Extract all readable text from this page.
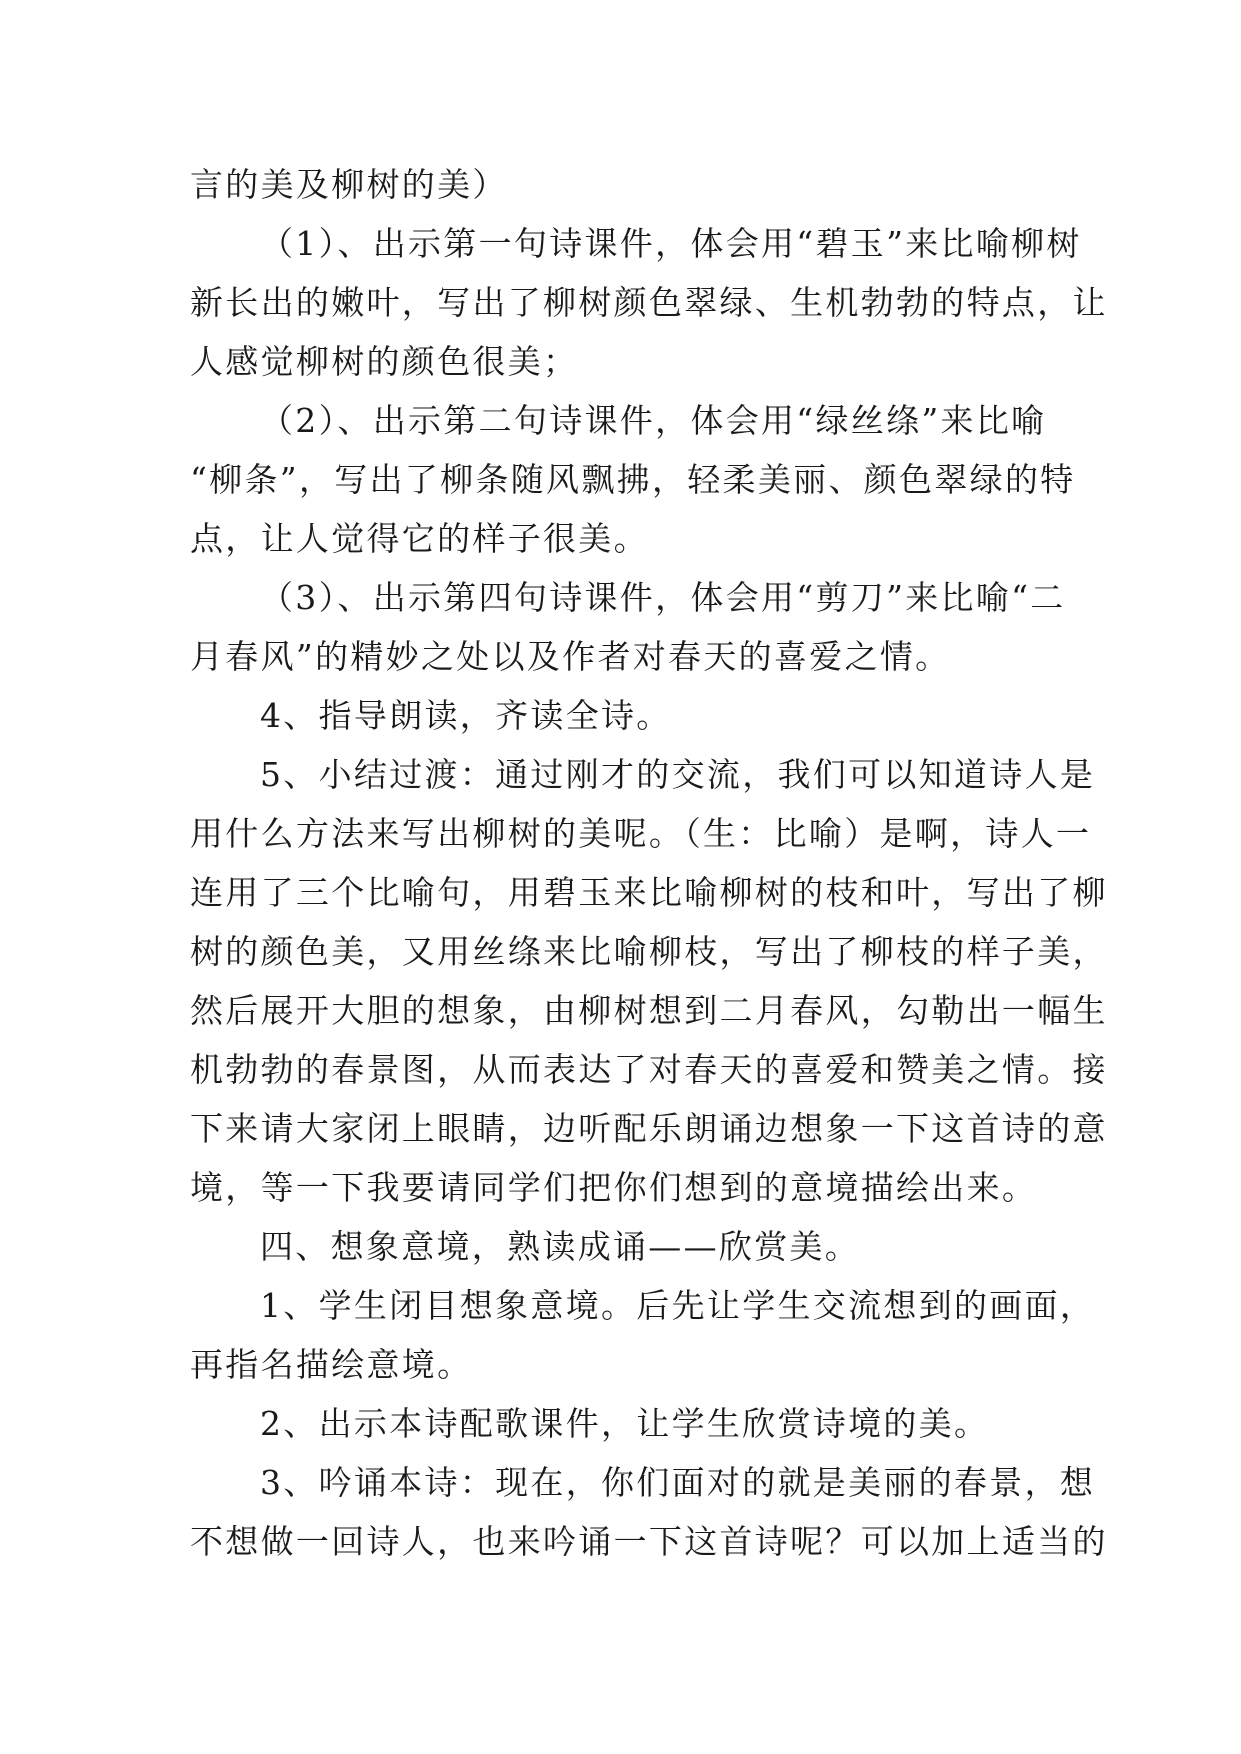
言的美及柳树的美）
（1）、出示第一句诗课件，体会用“碧玉”来比喻柳树
新长出的嫩叶，写出了柳树颜色翠绿、生机勃勃的特点，让
人感觉柳树的颜色很美；
（2）、出示第二句诗课件，体会用“绿丝绦”来比喻
“柳条”，写出了柳条随风飘拂，轻柔美丽、颜色翠绿的特
点，让人觉得它的样子很美。
（3）、出示第四句诗课件，体会用“剪刀”来比喻“二
月春风”的精妙之处以及作者对春天的喜爱之情。
4、指导朗读，齐读全诗。
5、小结过渡：通过刚才的交流，我们可以知道诗人是
用什么方法来写出柳树的美呢。（生：比喻）是啊，诗人一
连用了三个比喻句，用碧玉来比喻柳树的枝和叶，写出了柳
树的颜色美，又用丝绦来比喻柳枝，写出了柳枝的样子美，
然后展开大胆的想象，由柳树想到二月春风，勾勒出一幅生
机勃勃的春景图，从而表达了对春天的喜爱和赞美之情。接
下来请大家闭上眼睛，边听配乐朗诵边想象一下这首诗的意
境，等一下我要请同学们把你们想到的意境描绘出来。
四、想象意境，熟读成诵——欣赏美。
1、学生闭目想象意境。后先让学生交流想到的画面，
再指名描绘意境。
2、出示本诗配歌课件，让学生欣赏诗境的美。
3、吟诵本诗：现在，你们面对的就是美丽的春景，想
不想做一回诗人，也来吟诵一下这首诗呢？可以加上适当的
